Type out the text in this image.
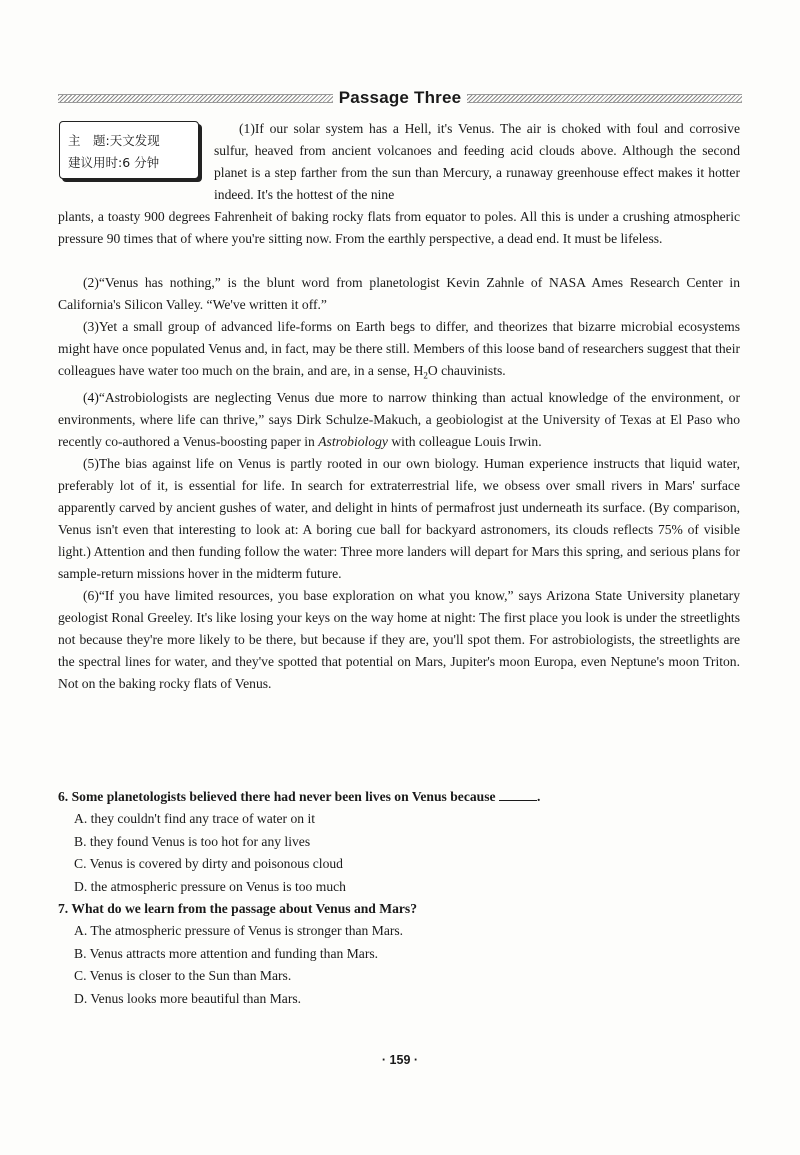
Passage Three
主　题:天文发现
建议用时:6 分钟
(1)If our solar system has a Hell, it's Venus. The air is choked with foul and corrosive sulfur, heaved from ancient volcanoes and feeding acid clouds above. Although the second planet is a step farther from the sun than Mercury, a runaway greenhouse effect makes it hotter indeed. It's the hottest of the nine
plants, a toasty 900 degrees Fahrenheit of baking rocky flats from equator to poles. All this is under a crushing atmospheric pressure 90 times that of where you're sitting now. From the earthly perspective, a dead end. It must be lifeless.

(2)“Venus has nothing,” is the blunt word from planetologist Kevin Zahnle of NASA Ames Research Center in California's Silicon Valley. “We've written it off.”

(3)Yet a small group of advanced life-forms on Earth begs to differ, and theorizes that bizarre microbial ecosystems might have once populated Venus and, in fact, may be there still. Members of this loose band of researchers suggest that their colleagues have water too much on the brain, and are, in a sense, $H_2O$ chauvinists.

(4)“Astrobiologists are neglecting Venus due more to narrow thinking than actual knowledge of the environment, or environments, where life can thrive,” says Dirk Schulze-Makuch, a geobiologist at the University of Texas at El Paso who recently co-authored a Venus-boosting paper in Astrobiology with colleague Louis Irwin.

(5)The bias against life on Venus is partly rooted in our own biology. Human experience instructs that liquid water, preferably lot of it, is essential for life. In search for extraterrestrial life, we obsess over small rivers in Mars' surface apparently carved by ancient gushes of water, and delight in hints of permafrost just underneath its surface. (By comparison, Venus isn't even that interesting to look at: A boring cue ball for backyard astronomers, its clouds reflects 75% of visible light.) Attention and then funding follow the water: Three more landers will depart for Mars this spring, and serious plans for sample-return missions hover in the midterm future.

(6)“If you have limited resources, you base exploration on what you know,” says Arizona State University planetary geologist Ronal Greeley. It's like losing your keys on the way home at night: The first place you look is under the streetlights not because they're more likely to be there, but because if they are, you'll spot them. For astrobiologists, the streetlights are the spectral lines for water, and they've spotted that potential on Mars, Jupiter's moon Europa, even Neptune's moon Triton. Not on the baking rocky flats of Venus.

6. Some planetologists believed there had never been lives on Venus because	.

A. they couldn't find any trace of water on it

B. they found Venus is too hot for any lives

C. Venus is covered by dirty and poisonous cloud

D. the atmospheric pressure on Venus is too much

7. What do we learn from the passage about Venus and Mars?

A. The atmospheric pressure of Venus is stronger than Mars.

B. Venus attracts more attention and funding than Mars.

C. Venus is closer to the Sun than Mars.

D. Venus looks more beautiful than Mars.

· 159 ·
